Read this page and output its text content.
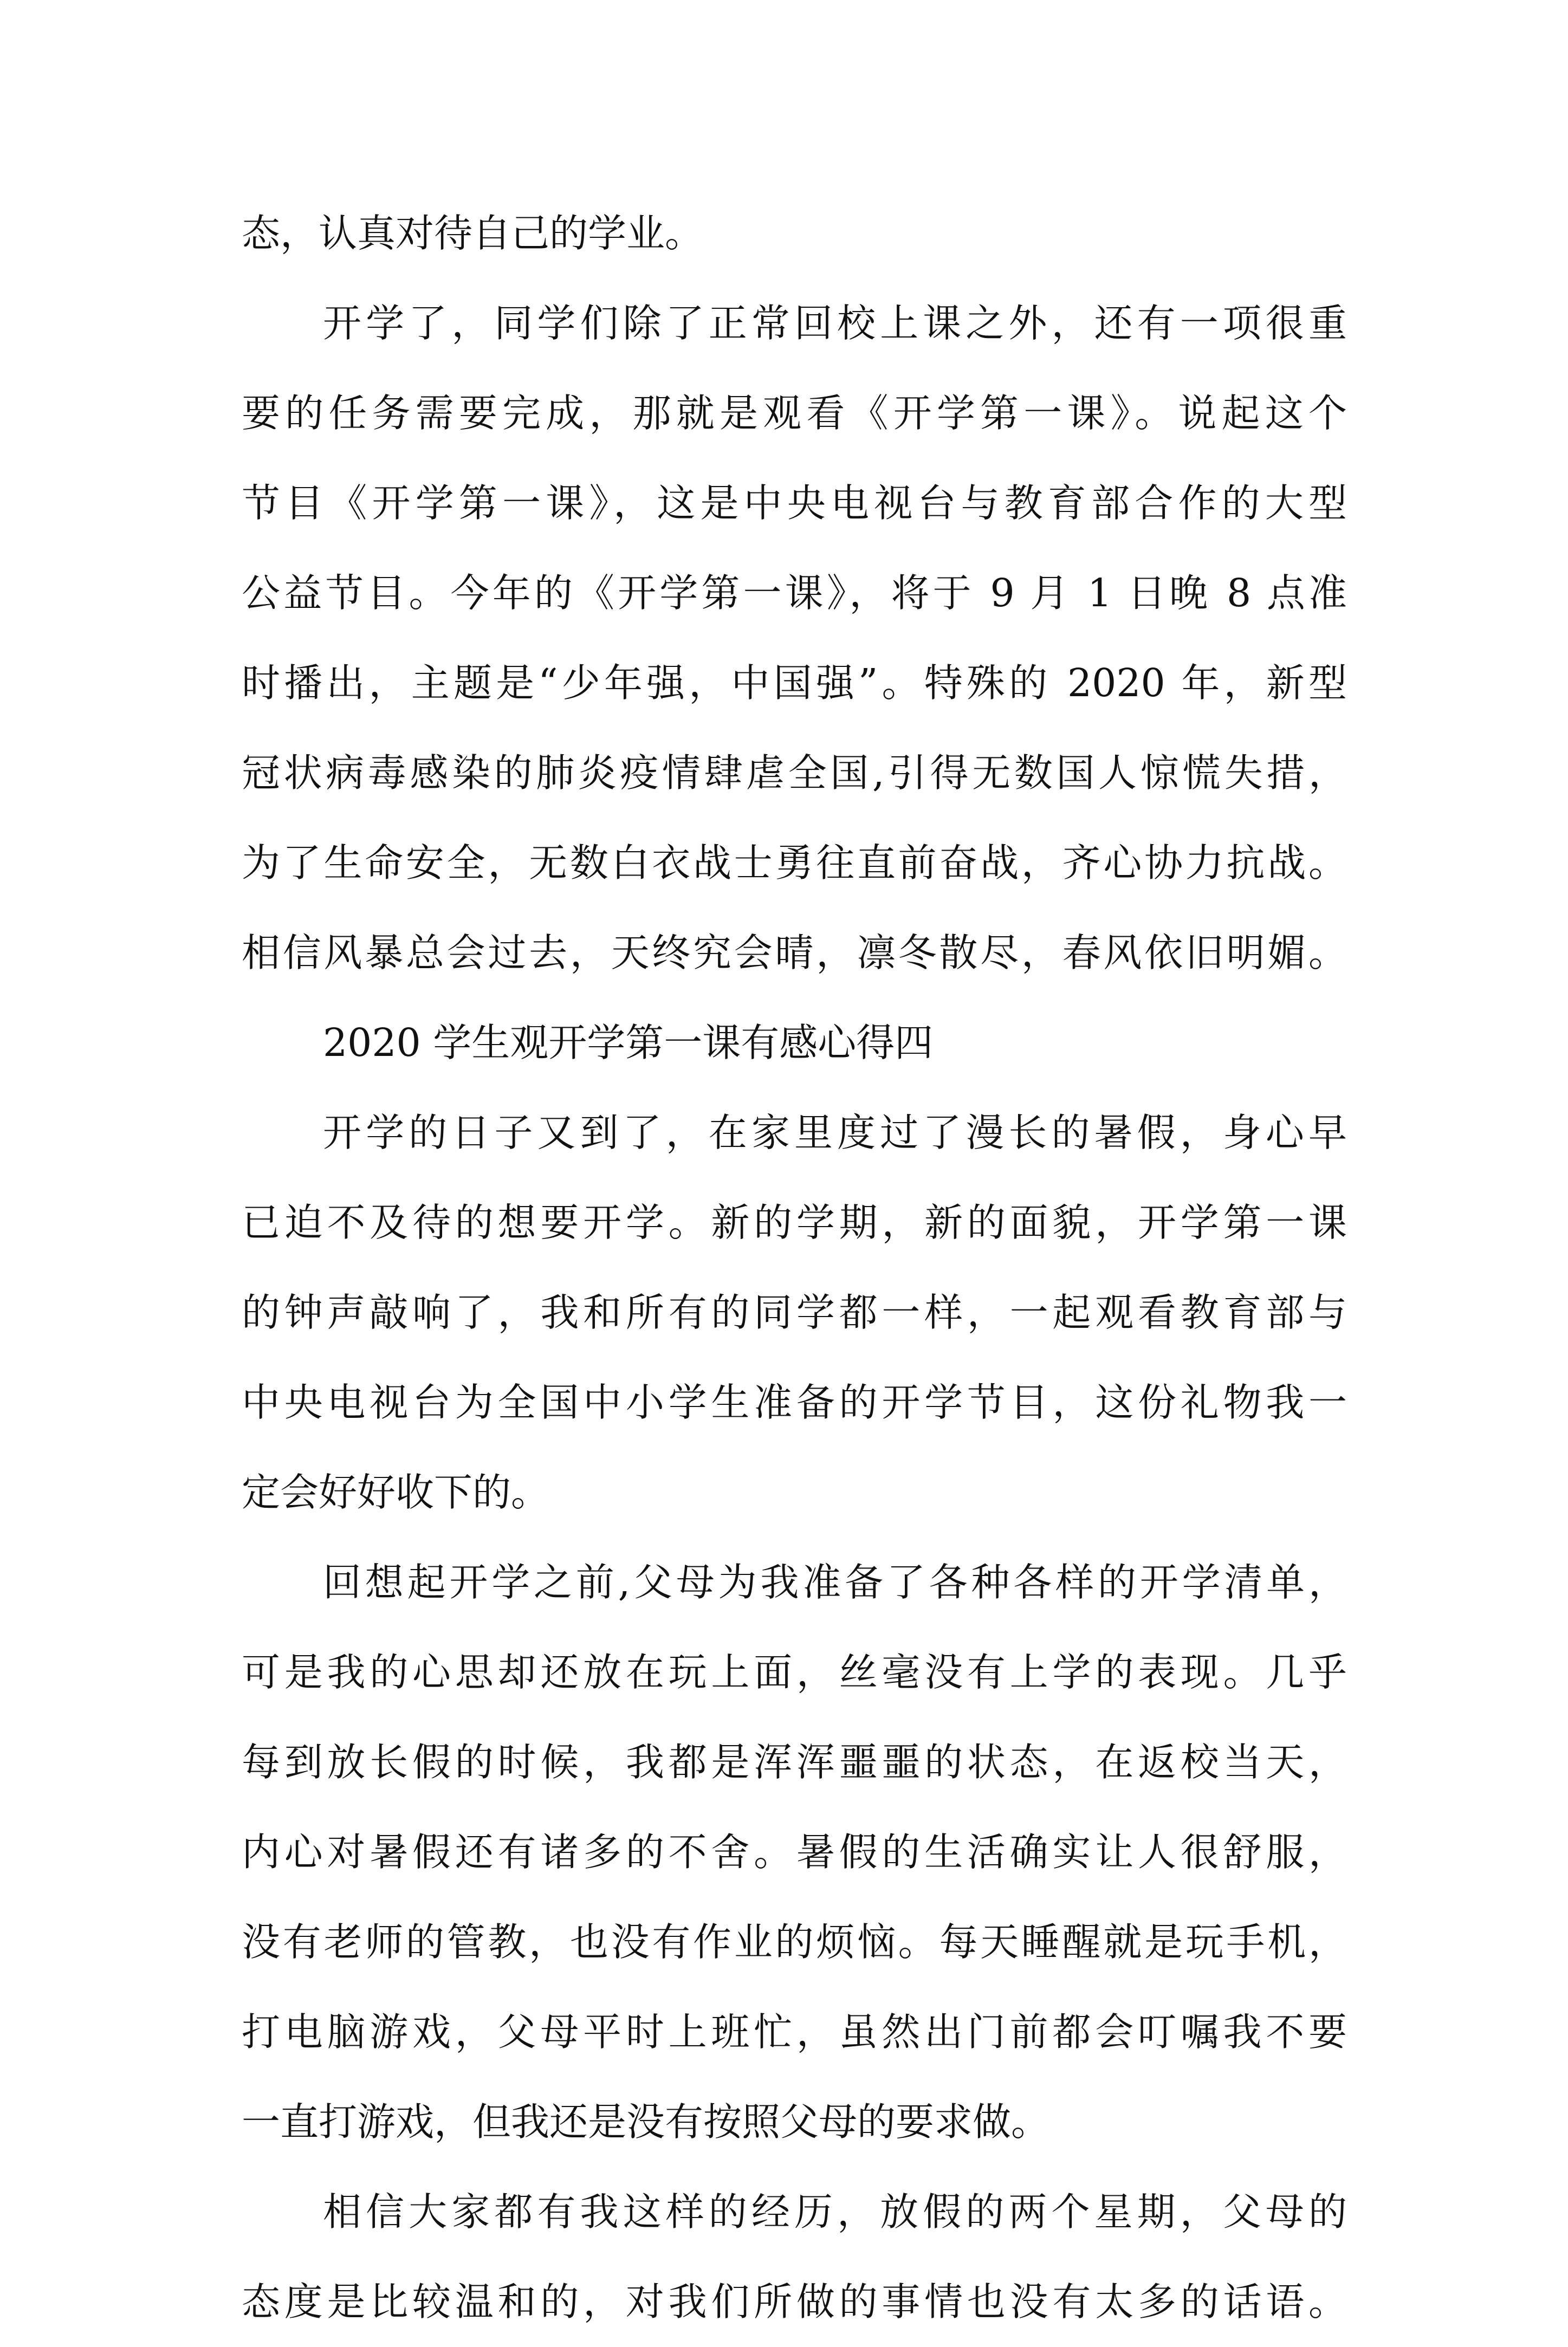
态，认真对待自己的学业。
开学了，同学们除了正常回校上课之外，还有一项很重
要的任务需要完成，那就是观看《开学第一课》。说起这个
节目《开学第一课》，这是中央电视台与教育部合作的大型
公益节目。今年的《开学第一课》，将于 9 月 1 日晚 8 点准
时播出，主题是“少年强，中国强”。特殊的 2020 年，新型
冠状病毒感染的肺炎疫情肆虐全国,引得无数国人惊慌失措，
为了生命安全，无数白衣战士勇往直前奋战，齐心协力抗战。
相信风暴总会过去，天终究会晴，凛冬散尽，春风依旧明媚。
2020 学生观开学第一课有感心得四
开学的日子又到了，在家里度过了漫长的暑假，身心早
已迫不及待的想要开学。新的学期，新的面貌，开学第一课
的钟声敲响了，我和所有的同学都一样，一起观看教育部与
中央电视台为全国中小学生准备的开学节目，这份礼物我一
定会好好收下的。
回想起开学之前,父母为我准备了各种各样的开学清单，
可是我的心思却还放在玩上面，丝毫没有上学的表现。几乎
每到放长假的时候，我都是浑浑噩噩的状态，在返校当天，
内心对暑假还有诸多的不舍。暑假的生活确实让人很舒服，
没有老师的管教，也没有作业的烦恼。每天睡醒就是玩手机，
打电脑游戏，父母平时上班忙，虽然出门前都会叮嘱我不要
一直打游戏，但我还是没有按照父母的要求做。
相信大家都有我这样的经历，放假的两个星期，父母的
态度是比较温和的，对我们所做的事情也没有太多的话语。
